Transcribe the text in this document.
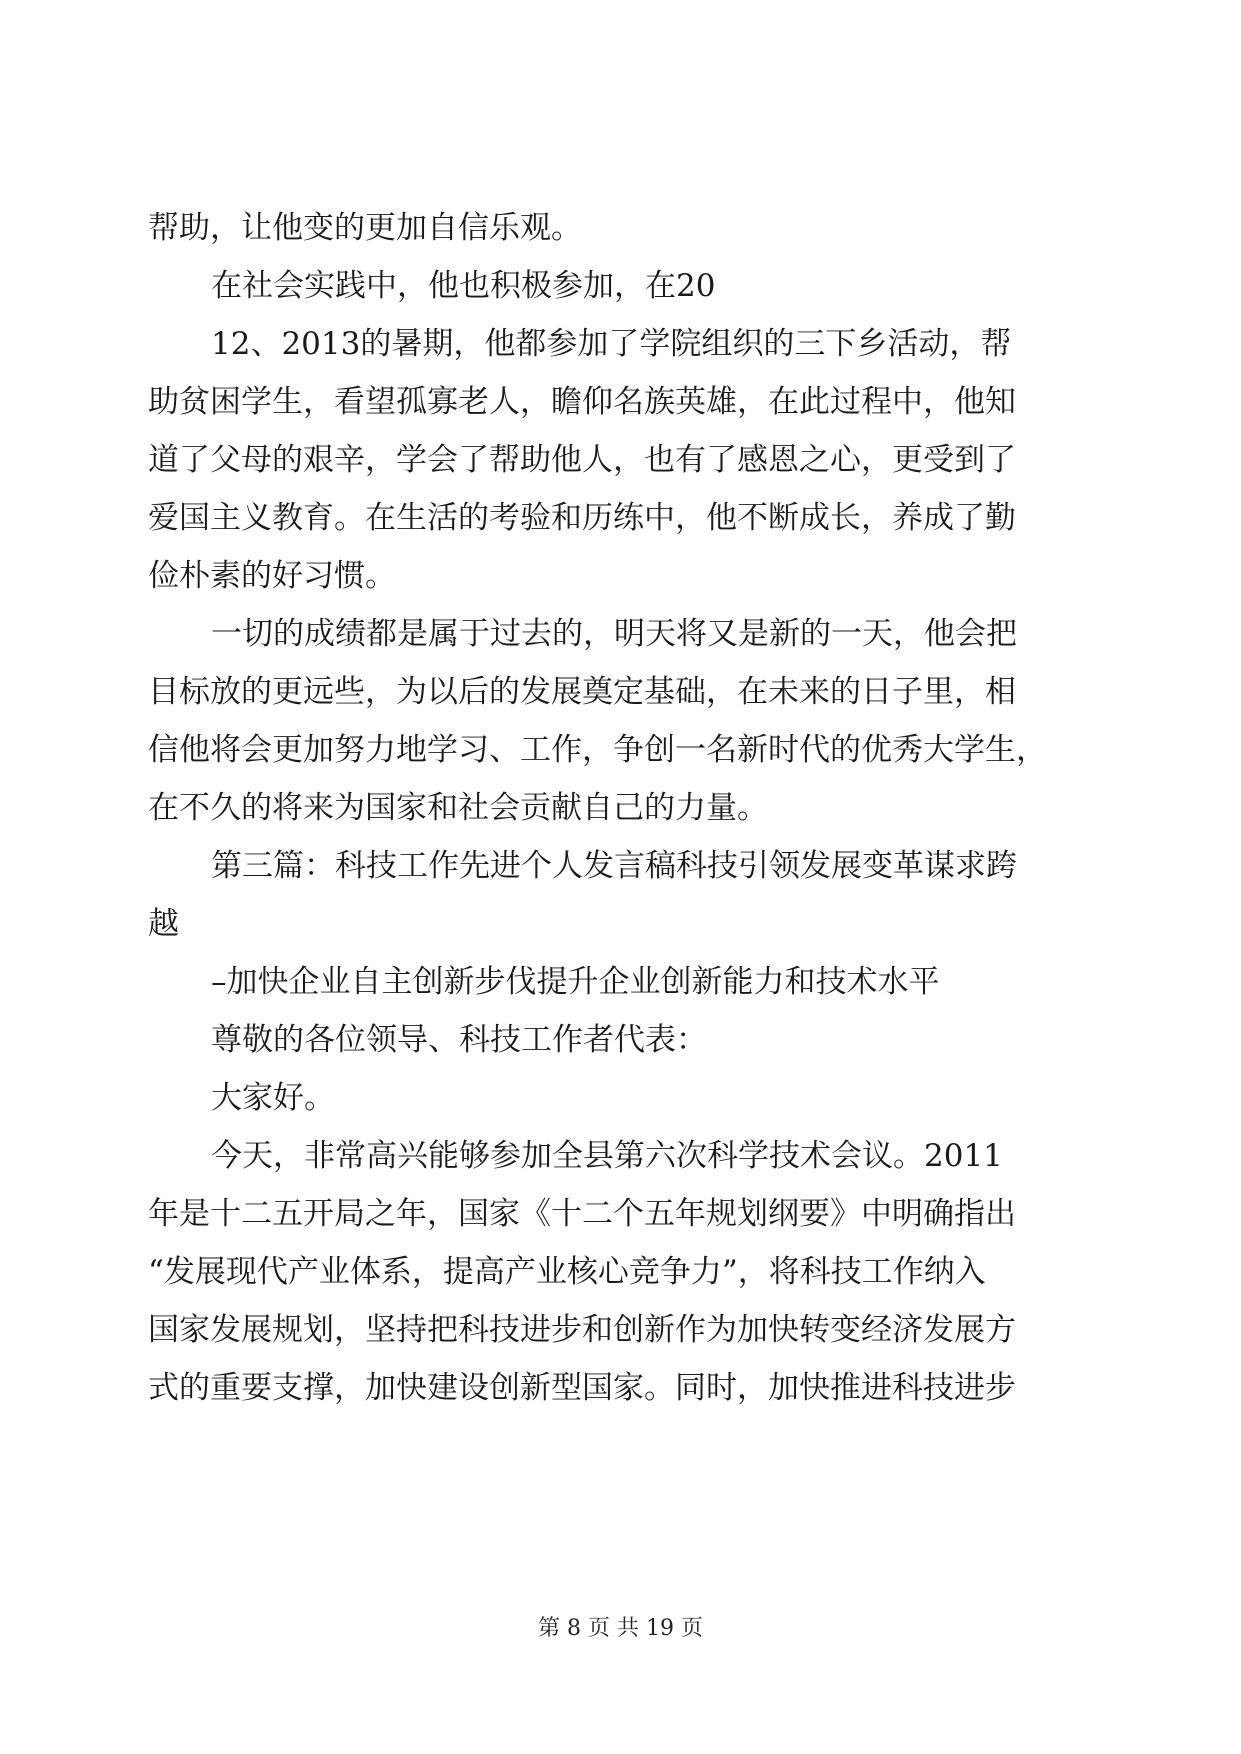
帮助，让他变的更加自信乐观。
在社会实践中，他也积极参加，在20
12、2013的暑期，他都参加了学院组织的三下乡活动，帮
助贫困学生，看望孤寡老人，瞻仰名族英雄，在此过程中，他知
道了父母的艰辛，学会了帮助他人，也有了感恩之心，更受到了
爱国主义教育。在生活的考验和历练中，他不断成长，养成了勤
俭朴素的好习惯。
一切的成绩都是属于过去的，明天将又是新的一天，他会把
目标放的更远些，为以后的发展奠定基础，在未来的日子里，相
信他将会更加努力地学习、工作，争创一名新时代的优秀大学生，
在不久的将来为国家和社会贡献自己的力量。
第三篇：科技工作先进个人发言稿科技引领发展变革谋求跨
越
–加快企业自主创新步伐提升企业创新能力和技术水平
尊敬的各位领导、科技工作者代表：
大家好。
今天，非常高兴能够参加全县第六次科学技术会议。2011
年是十二五开局之年，国家《十二个五年规划纲要》中明确指出
“发展现代产业体系，提高产业核心竞争力”，将科技工作纳入
国家发展规划，坚持把科技进步和创新作为加快转变经济发展方
式的重要支撑，加快建设创新型国家。同时，加快推进科技进步
第 8 页 共 19 页
